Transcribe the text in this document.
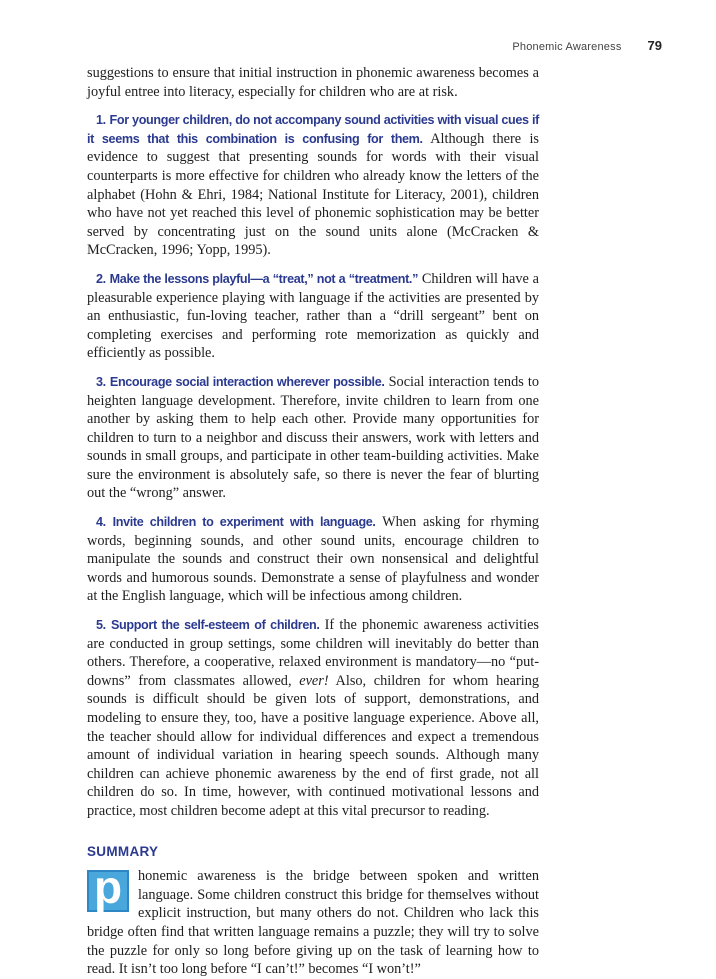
Phonemic Awareness 79

suggestions to ensure that initial instruction in phonemic awareness becomes a joyful entree into literacy, especially for children who are at risk.

1. For younger children, do not accompany sound activities with visual cues if it seems that this combination is confusing for them. Although there is evidence to suggest that presenting sounds for words with their visual counterparts is more effective for children who already know the letters of the alphabet (Hohn & Ehri, 1984; National Institute for Literacy, 2001), children who have not yet reached this level of phonemic sophistication may be better served by concentrating just on the sound units alone (McCracken & McCracken, 1996; Yopp, 1995).

2. Make the lessons playful—a “treat,” not a “treatment.” Children will have a pleasurable experience playing with language if the activities are presented by an enthusiastic, fun-loving teacher, rather than a “drill sergeant” bent on completing exercises and performing rote memorization as quickly and efficiently as possible.

3. Encourage social interaction wherever possible. Social interaction tends to heighten language development. Therefore, invite children to learn from one another by asking them to help each other. Provide many opportunities for children to turn to a neighbor and discuss their answers, work with letters and sounds in small groups, and participate in other team-building activities. Make sure the environment is absolutely safe, so there is never the fear of blurting out the “wrong” answer.

4. Invite children to experiment with language. When asking for rhyming words, beginning sounds, and other sound units, encourage children to manipulate the sounds and construct their own nonsensical and delightful words and humorous sounds. Demonstrate a sense of playfulness and wonder at the English language, which will be infectious among children.

5. Support the self-esteem of children. If the phonemic awareness activities are conducted in group settings, some children will inevitably do better than others. Therefore, a cooperative, relaxed environment is mandatory—no “put-downs” from classmates allowed, ever! Also, children for whom hearing sounds is difficult should be given lots of support, demonstrations, and modeling to ensure they, too, have a positive language experience. Above all, the teacher should allow for individual differences and expect a tremendous amount of individual variation in hearing speech sounds. Although many children can achieve phonemic awareness by the end of first grade, not all children do so. In time, however, with continued motivational lessons and practice, most children become adept at this vital precursor to reading.

SUMMARY

p	honemic awareness is the bridge between spoken and written language. Some children construct this bridge for themselves without explicit instruction, but many others do not. Children who lack this bridge often find that written language remains a puzzle; they will try to solve the puzzle for only so long before giving up on the task of learning how to read. It isn’t too long before “I can’t!” becomes “I won’t!”
